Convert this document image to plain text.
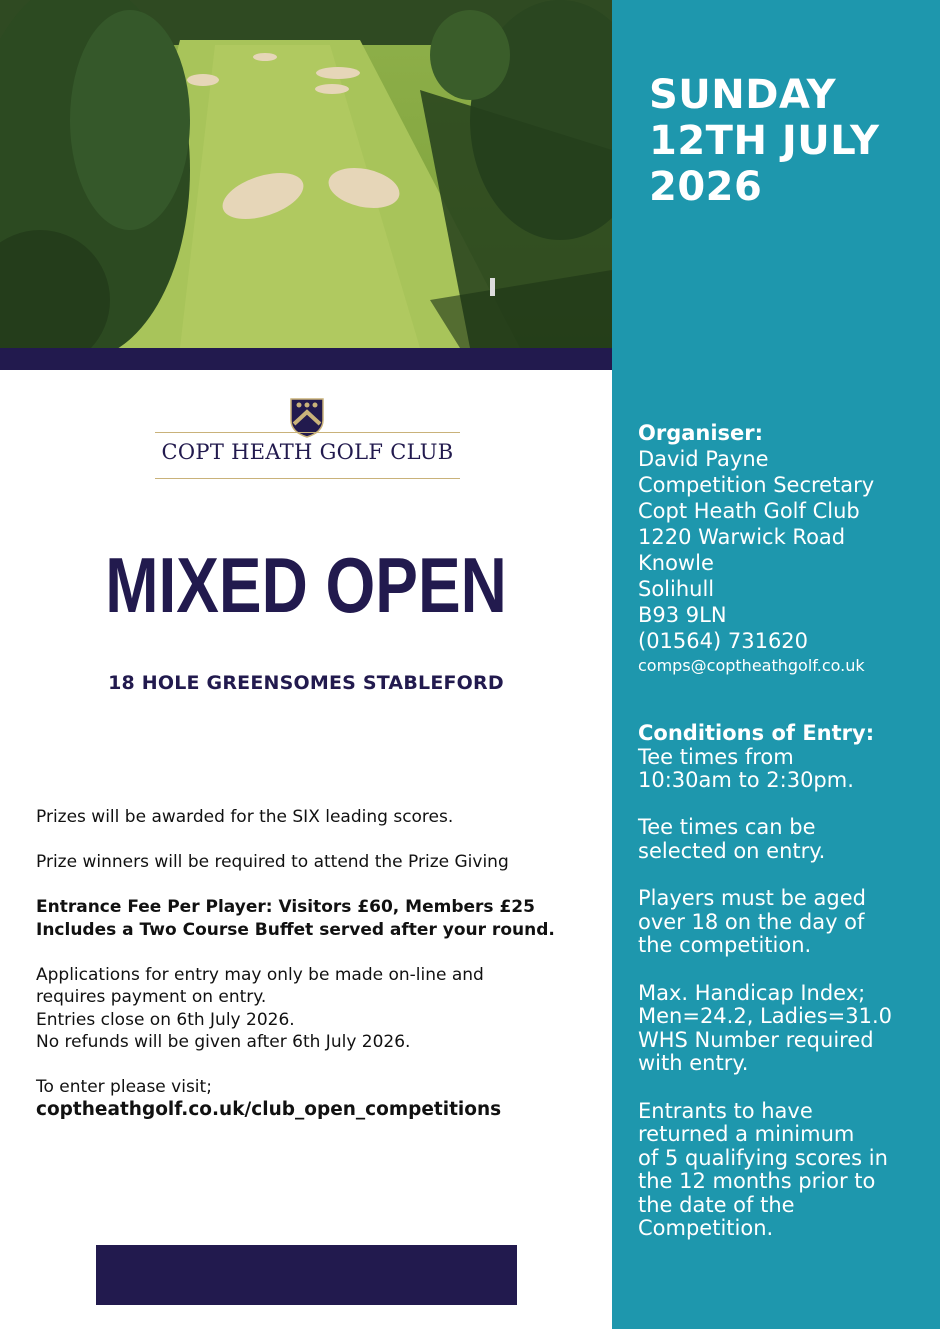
COPT HEATH GOLF CLUB
MIXED OPEN
18 HOLE GREENSOMES STABLEFORD
Prizes will be awarded for the SIX leading scores.
Prize winners will be required to attend the Prize Giving
Entrance Fee Per Player: Visitors £60, Members £25
Includes a Two Course Buffet served after your round.
Applications for entry may only be made on-line and
requires payment on entry.
Entries close on 6th July 2026.
No refunds will be given after 6th July 2026.
To enter please visit;
coptheathgolf.co.uk/club_open_competitions
SUNDAY
12TH JULY
2026
Organiser:
David Payne
Competition Secretary
Copt Heath Golf Club
1220 Warwick Road
Knowle
Solihull
B93 9LN
(01564) 731620
comps@coptheathgolf.co.uk
Conditions of Entry:
Tee times from
10:30am to 2:30pm.
Tee times can be
selected on entry.
Players must be aged
over 18 on the day of
the competition.
Max. Handicap Index;
Men=24.2, Ladies=31.0
WHS Number required
with entry.
Entrants to have
returned a minimum
of 5 qualifying scores in
the 12 months prior to
the date of the
Competition.
